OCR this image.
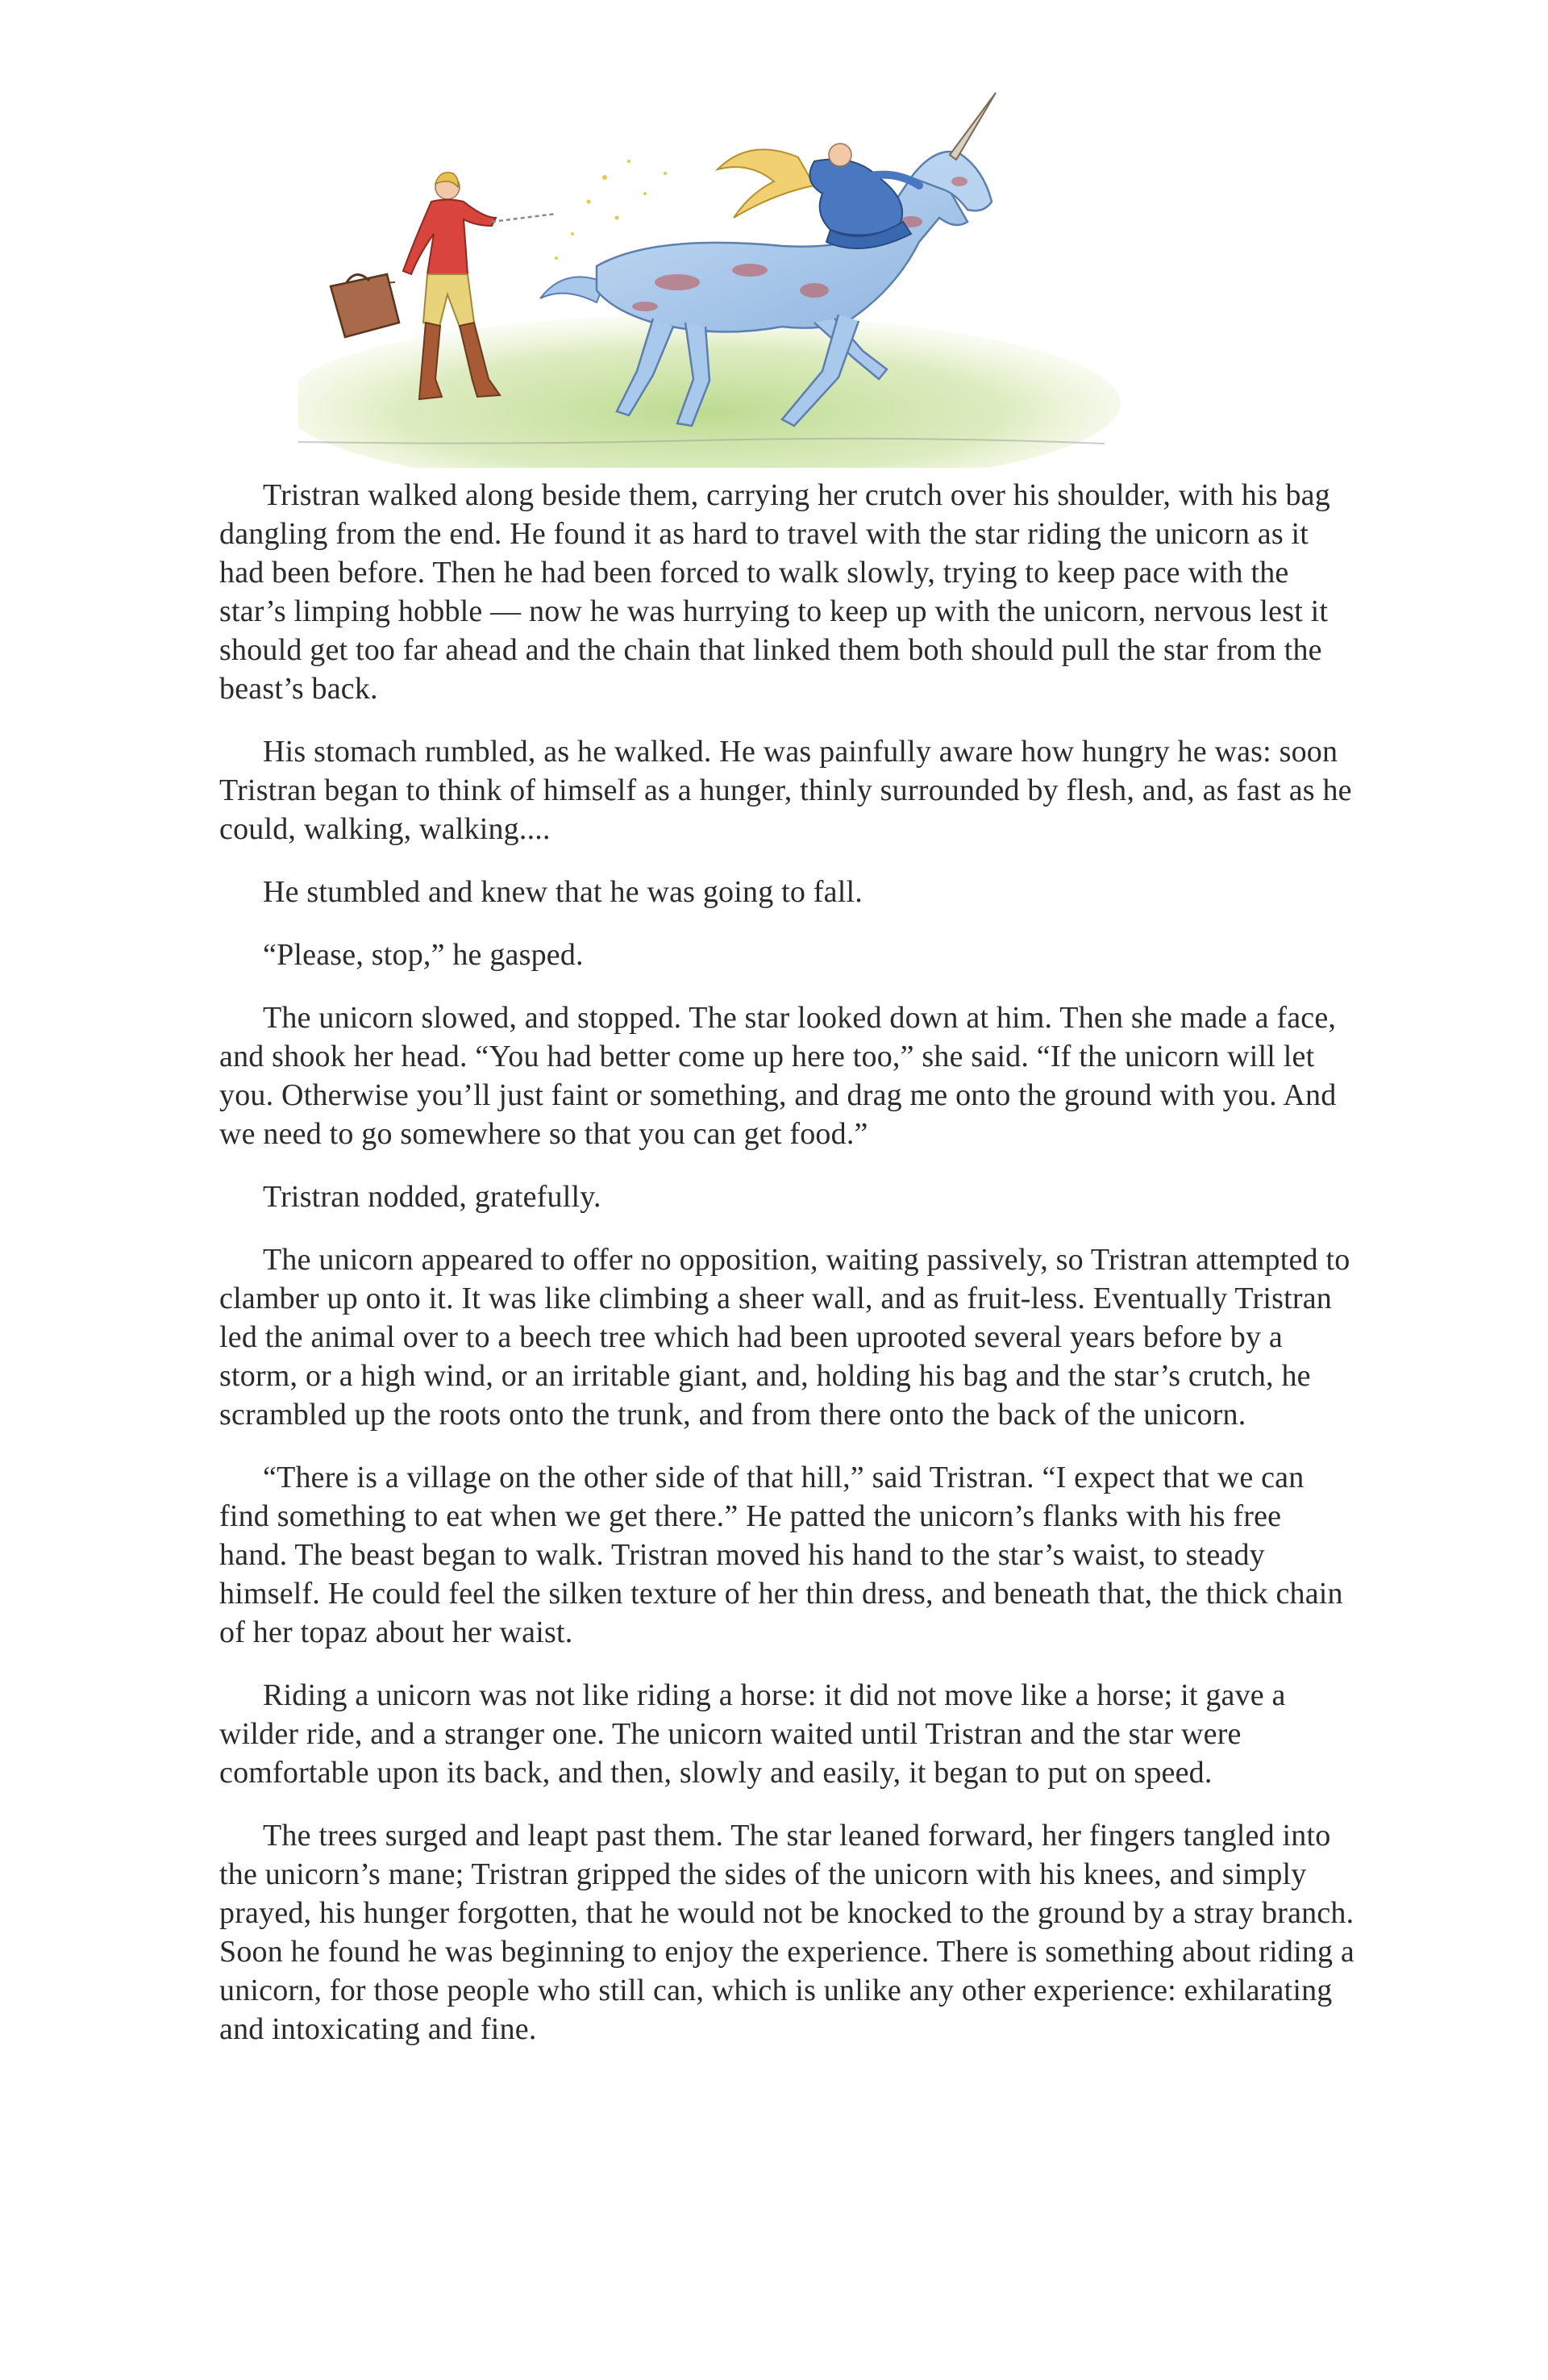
Tristran walked along beside them, carrying her crutch over his shoulder, with his bag dangling from the end. He found it as hard to travel with the star riding the unicorn as it had been before. Then he had been forced to walk slowly, trying to keep pace with the star’s limping hobble — now he was hurrying to keep up with the unicorn, nervous lest it should get too far ahead and the chain that linked them both should pull the star from the beast’s back.

His stomach rumbled, as he walked. He was painfully aware how hungry he was: soon Tristran began to think of himself as a hunger, thinly surrounded by flesh, and, as fast as he could, walking, walking....

He stumbled and knew that he was going to fall.

“Please, stop,” he gasped.

The unicorn slowed, and stopped. The star looked down at him. Then she made a face, and shook her head. “You had better come up here too,” she said. “If the unicorn will let you. Otherwise you’ll just faint or something, and drag me onto the ground with you. And we need to go somewhere so that you can get food.”

Tristran nodded, gratefully.

The unicorn appeared to offer no opposition, waiting passively, so Tristran attempted to clamber up onto it. It was like climbing a sheer wall, and as fruit-less. Eventually Tristran led the animal over to a beech tree which had been uprooted several years before by a storm, or a high wind, or an irritable giant, and, holding his bag and the star’s crutch, he scrambled up the roots onto the trunk, and from there onto the back of the unicorn.

“There is a village on the other side of that hill,” said Tristran. “I expect that we can find something to eat when we get there.” He patted the unicorn’s flanks with his free hand. The beast began to walk. Tristran moved his hand to the star’s waist, to steady himself. He could feel the silken texture of her thin dress, and beneath that, the thick chain of her topaz about her waist.

Riding a unicorn was not like riding a horse: it did not move like a horse; it gave a wilder ride, and a stranger one. The unicorn waited until Tristran and the star were comfortable upon its back, and then, slowly and easily, it began to put on speed.

The trees surged and leapt past them. The star leaned forward, her fingers tangled into the unicorn’s mane; Tristran gripped the sides of the unicorn with his knees, and simply prayed, his hunger forgotten, that he would not be knocked to the ground by a stray branch. Soon he found he was beginning to enjoy the experience. There is something about riding a unicorn, for those people who still can, which is unlike any other experience: exhilarating and intoxicating and fine.
